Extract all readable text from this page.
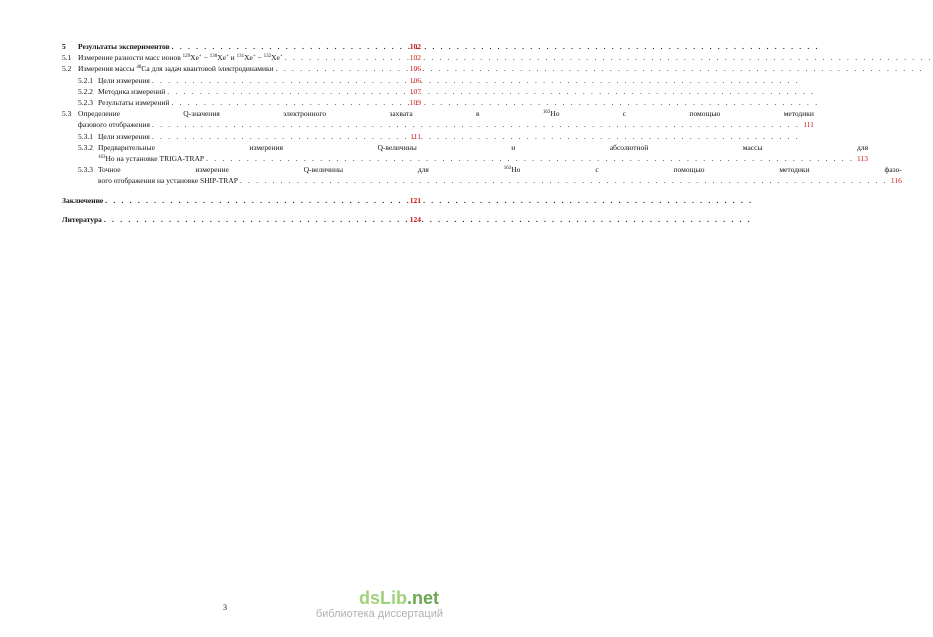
5	Результаты экспериментов . . .	102
5.1 Измерение разности масс ионов $^{129}$Xe+ − $^{130}$Xe+ и $^{131}$Xe+ − $^{132}$Xe+ . . .	102
5.2 Измерения массы $^{48}$Ca для задач квантовой электродинамики . . .	106
5.2.1 Цели измерения . . .	106
5.2.2 Методика измерений . . .	107
5.2.3 Результаты измерений . . .	109
5.3 Определение Q-значения электронного захвата в $^{163}$Ho с помощью методики
фазового отображения . . .	111
5.3.1 Цели измерения . . .	111
5.3.2 Предварительные измерения Q-величины и абсолютной массы для
$^{163}$Ho на установке TRIGA-TRAP . . .	113
5.3.3 Точное измерение Q-величины для $^{163}$Ho с помощью методики фазо-
вого отображения на установке SHIP-TRAP . . .	116
Заключение . . .	121
Литература . . .	124
3	dsLib.net
библиотека диссертаций
